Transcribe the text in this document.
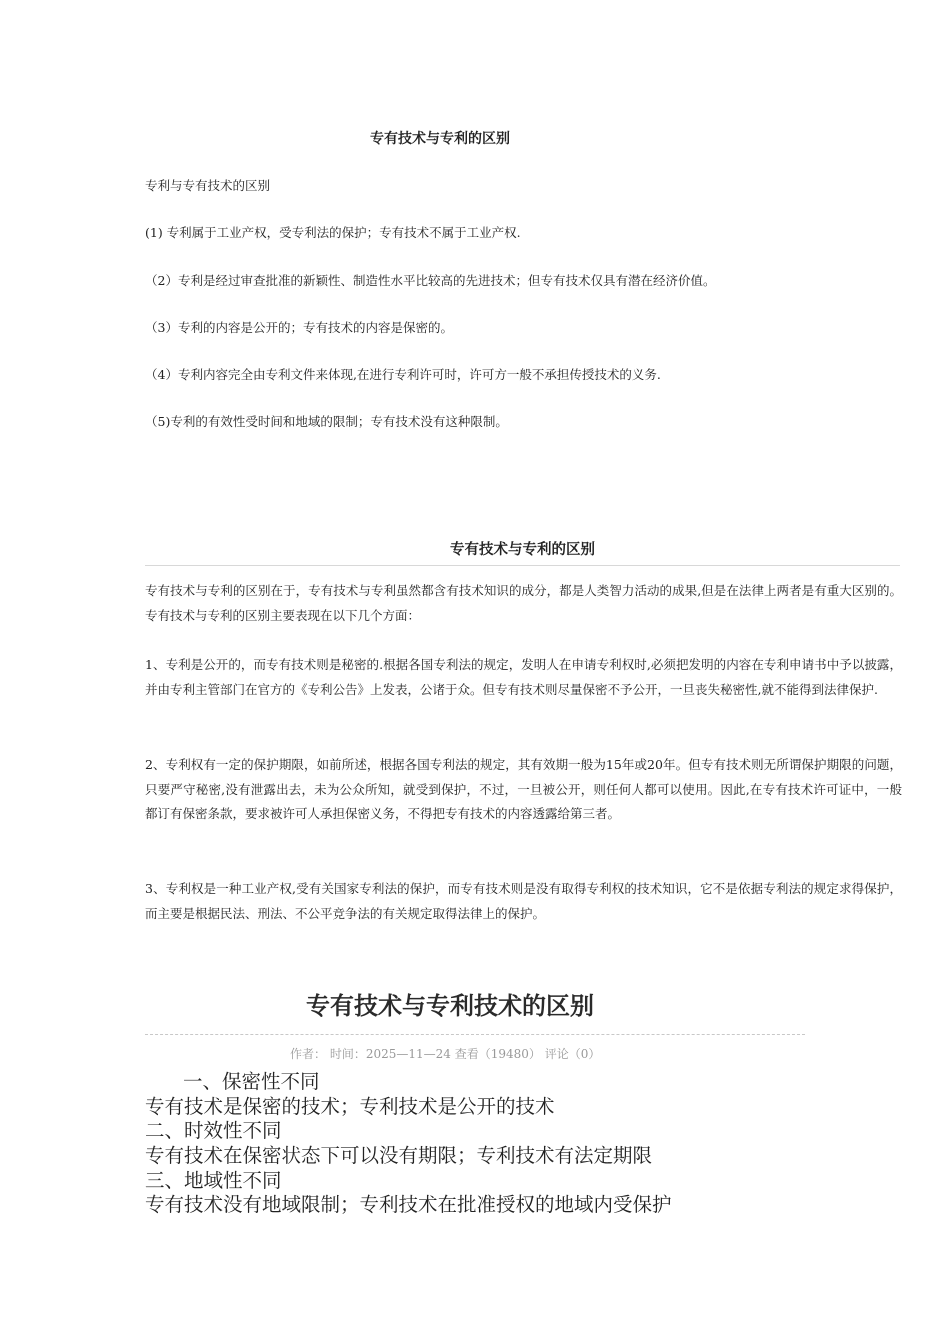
专有技术与专利的区别
专利与专有技术的区别
(1) 专利属于工业产权，受专利法的保护；专有技术不属于工业产权.
（2）专利是经过审查批准的新颖性、制造性水平比较高的先进技术；但专有技术仅具有潜在经济价值。
（3）专利的内容是公开的；专有技术的内容是保密的。
（4）专利内容完全由专利文件来体现,在进行专利许可时，许可方一般不承担传授技术的义务.
（5)专利的有效性受时间和地域的限制；专有技术没有这种限制。
专有技术与专利的区别
专有技术与专利的区别在于，专有技术与专利虽然都含有技术知识的成分，都是人类智力活动的成果,但是在法律上两者是有重大区别的。专有技术与专利的区别主要表现在以下几个方面：
1、专利是公开的，而专有技术则是秘密的.根据各国专利法的规定，发明人在申请专利权时,必须把发明的内容在专利申请书中予以披露，并由专利主管部门在官方的《专利公告》上发表，公诸于众。但专有技术则尽量保密不予公开，一旦丧失秘密性,就不能得到法律保护.
2、专利权有一定的保护期限，如前所述，根据各国专利法的规定，其有效期一般为15年或20年。但专有技术则无所谓保护期限的问题，只要严守秘密,没有泄露出去，未为公众所知，就受到保护，不过，一旦被公开，则任何人都可以使用。因此,在专有技术许可证中，一般都订有保密条款，要求被许可人承担保密义务，不得把专有技术的内容透露给第三者。
3、专利权是一种工业产权,受有关国家专利法的保护，而专有技术则是没有取得专利权的技术知识，它不是依据专利法的规定求得保护，而主要是根据民法、刑法、不公平竞争法的有关规定取得法律上的保护。
专有技术与专利技术的区别
作者： 时间：2025—11—24 查看（19480） 评论（0）
一、保密性不同
专有技术是保密的技术；专利技术是公开的技术
二、时效性不同
专有技术在保密状态下可以没有期限；专利技术有法定期限
三、地域性不同
专有技术没有地域限制；专利技术在批准授权的地域内受保护
